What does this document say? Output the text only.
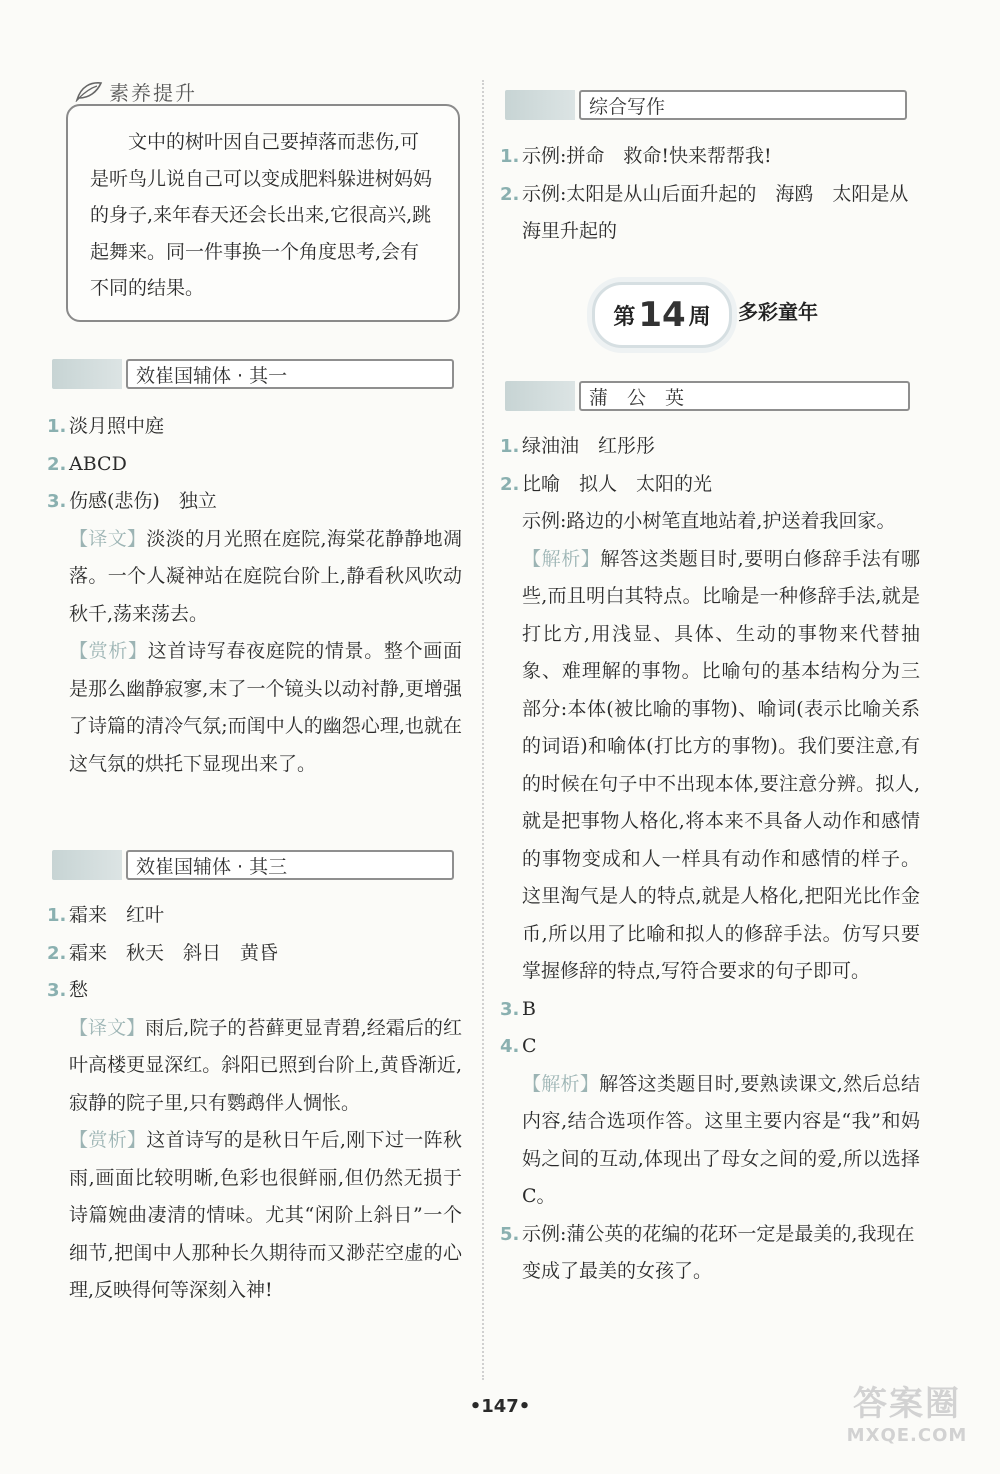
素养提升
文中的树叶因自己要掉落而悲伤,可是听鸟儿说自己可以变成肥料躲进树妈妈的身子,来年春天还会长出来,它很高兴,跳起舞来。同一件事换一个角度思考,会有不同的结果。
效崔国辅体 · 其一
1. 淡月照中庭
2. ABCD
3. 伤感(悲伤)　独立
【译文】淡淡的月光照在庭院,海棠花静静地凋落。一个人凝神站在庭院台阶上,静看秋风吹动秋千,荡来荡去。
【赏析】这首诗写春夜庭院的情景。整个画面是那么幽静寂寥,末了一个镜头以动衬静,更增强了诗篇的清冷气氛;而闺中人的幽怨心理,也就在这气氛的烘托下显现出来了。
效崔国辅体 · 其三
1. 霜来　红叶
2. 霜来　秋天　斜日　黄昏
3. 愁
【译文】雨后,院子的苔藓更显青碧,经霜后的红叶高楼更显深红。斜阳已照到台阶上,黄昏渐近,寂静的院子里,只有鹦鹉伴人惆怅。
【赏析】这首诗写的是秋日午后,刚下过一阵秋雨,画面比较明晰,色彩也很鲜丽,但仍然无损于诗篇婉曲凄清的情味。尤其“闲阶上斜日”一个细节,把闺中人那种长久期待而又渺茫空虚的心理,反映得何等深刻入神!
综合写作
1. 示例:拼命　救命!快来帮帮我!
2. 示例:太阳是从山后面升起的　海鸥　太阳是从海里升起的
第 14 周 多彩童年
蒲　公　英
1. 绿油油　红彤彤
2. 比喻　拟人　太阳的光
示例:路边的小树笔直地站着,护送着我回家。
【解析】解答这类题目时,要明白修辞手法有哪些,而且明白其特点。比喻是一种修辞手法,就是打比方,用浅显、具体、生动的事物来代替抽象、难理解的事物。比喻句的基本结构分为三部分:本体(被比喻的事物)、喻词(表示比喻关系的词语)和喻体(打比方的事物)。我们要注意,有的时候在句子中不出现本体,要注意分辨。拟人,就是把事物人格化,将本来不具备人动作和感情的事物变成和人一样具有动作和感情的样子。这里淘气是人的特点,就是人格化,把阳光比作金币,所以用了比喻和拟人的修辞手法。仿写只要掌握修辞的特点,写符合要求的句子即可。
3. B
4. C
【解析】解答这类题目时,要熟读课文,然后总结内容,结合选项作答。这里主要内容是“我”和妈妈之间的互动,体现出了母女之间的爱,所以选择C。
5. 示例:蒲公英的花编的花环一定是最美的,我现在变成了最美的女孩了。
•147•	答案圈
MXQE.COM
